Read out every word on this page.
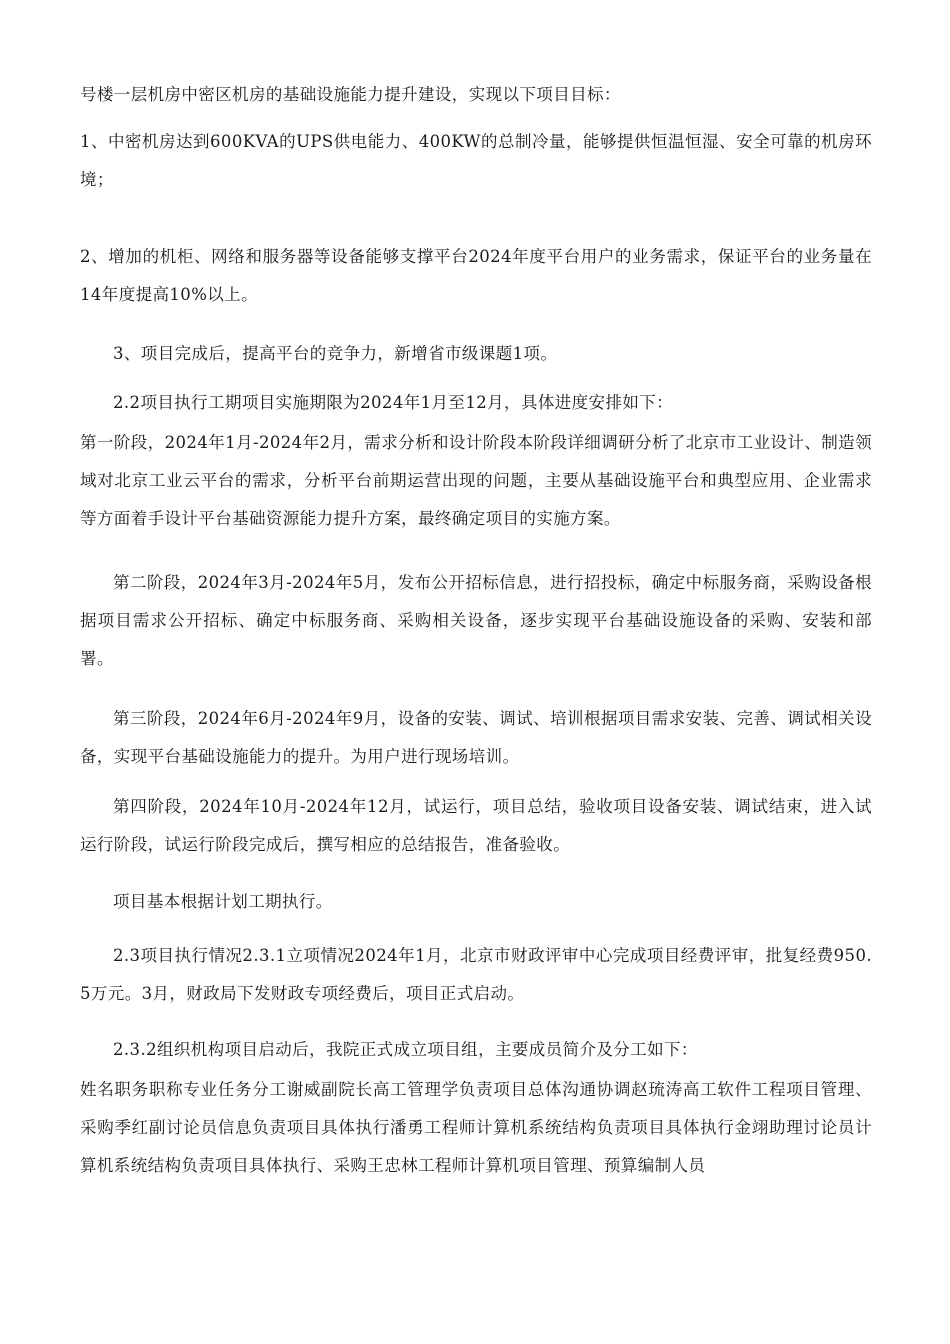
号楼一层机房中密区机房的基础设施能力提升建设，实现以下项目目标：

1、中密机房达到600KVA的UPS供电能力、400KW的总制冷量，能够提供恒温恒湿、安全可靠的机房环境；

2、增加的机柜、网络和服务器等设备能够支撑平台2024年度平台用户的业务需求，保证平台的业务量在14年度提高10%以上。

3、项目完成后，提高平台的竞争力，新增省市级课题1项。

2.2项目执行工期项目实施期限为2024年1月至12月，具体进度安排如下：

第一阶段，2024年1月-2024年2月，需求分析和设计阶段本阶段详细调研分析了北京市工业设计、制造领域对北京工业云平台的需求，分析平台前期运营出现的问题，主要从基础设施平台和典型应用、企业需求等方面着手设计平台基础资源能力提升方案，最终确定项目的实施方案。

第二阶段，2024年3月-2024年5月，发布公开招标信息，进行招投标，确定中标服务商，采购设备根据项目需求公开招标、确定中标服务商、采购相关设备，逐步实现平台基础设施设备的采购、安装和部署。

第三阶段，2024年6月-2024年9月，设备的安装、调试、培训根据项目需求安装、完善、调试相关设备，实现平台基础设施能力的提升。为用户进行现场培训。

第四阶段，2024年10月-2024年12月，试运行，项目总结，验收项目设备安装、调试结束，进入试运行阶段，试运行阶段完成后，撰写相应的总结报告，准备验收。

项目基本根据计划工期执行。

2.3项目执行情况2.3.1立项情况2024年1月，北京市财政评审中心完成项目经费评审，批复经费950.5万元。3月，财政局下发财政专项经费后，项目正式启动。

2.3.2组织机构项目启动后，我院正式成立项目组，主要成员简介及分工如下：

姓名职务职称专业任务分工谢威副院长高工管理学负责项目总体沟通协调赵琉涛高工软件工程项目管理、采购季红副讨论员信息负责项目具体执行潘勇工程师计算机系统结构负责项目具体执行金翊助理讨论员计算机系统结构负责项目具体执行、采购王忠林工程师计算机项目管理、预算编制人员
